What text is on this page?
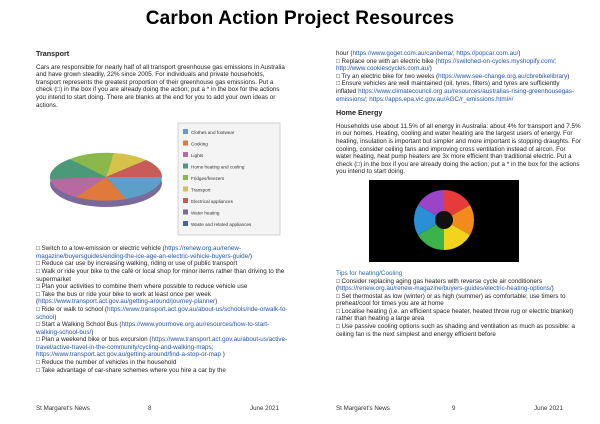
Carbon Action Project Resources
Transport
Cars are responsible for nearly half of all transport greenhouse gas emissions in Australia and have grown steadily, 22% since 2005. For individuals and private households, transport represents the greatest proportion of their greenhouse gas emissions. Put a check (□) in the box if you are already doing the action; put a * in the box for the actions you intend to start doing. There are blanks at the end for you to add your own ideas or actions.
Clothes and footwear
Cooking
Lights
Home heating and cooling
Fridges/freezers
Transport
Electrical appliances
Water heating
Waste and related appliances
□ Switch to a low-emission or electric vehicle (https://renew.org.au/renew-magazine/buyersguides/ending-the-ice-age-an-electric-vehicle-buyers-guide/)
□ Reduce car use by increasing walking, riding or use of public transport
□ Walk or ride your bike to the café or local shop for minor items rather than driving to the supermarket
□ Plan your activities to combine them where possible to reduce vehicle use
□ Take the bus or ride your bike to work at least once per week (https://www.transport.act.gov.au/getting-around/journey-planner)
□ Ride or walk to school (https://www.transport.act.gov.au/about-us/schools/ride-orwalk-to-school)
□ Start a Walking School Bus (https://www.yourmove.org.au/resources/how-to-start-walking-school-bus/)
□ Plan a weekend bike or bus excursion (https://www.transport.act.gov.au/about-us/active-travel/active-travel-in-the-community/cycling-and-walking-maps; https://www.transport.act.gov.au/getting-around/find-a-stop-or-map )
□ Reduce the number of vehicles in the household
□ Take advantage of car-share schemes where you hire a car by the
hour (https://www.goget.com.au/canberra/; https://popcar.com.au/)
□ Replace one with an electric bike (https://switched-on-cycles.myshopify.com/; http://www.cookiescycles.com.au/)
□ Try an electric bike for two weeks (https://www.see-change.org.au/cbrebikelibrary)
□ Ensure vehicles are well maintained (oil, tyres, filters) and tyres are sufficiently inflated https://www.climatecouncil.org.au/resources/australias-rising-greenhousegas-emissions/; https://apps.epa.vic.gov.au/AGC/r_emissions.html#/
Home Energy
Households use about 11.5% of all energy in Australia: about 4% for transport and 7.5% in our homes. Heating, cooling and water heating are the largest users of energy. For heating, insulation is important but simpler and more important is stopping draughts. For cooling, consider ceiling fans and improving cross ventilation instead of aircon. For water heating, heat pump heaters are 3x more efficient than traditional electric. Put a check (□) in the box if you are already doing the action; put a * in the box for the actions you intend to start doing.
Tips for heating/Cooling
□ Consider replacing aging gas heaters with reverse cycle air conditioners (https://renew.org.au/renew-magazine/buyers-guides/electric-heating-options/)
□ Set thermostat as low (winter) or as high (summer) as comfortable; use timers to preheat/cool for times you are at home
□ Localise heating (i.e. an efficient space heater, heated throw rug or electric blanket) rather than heating a large area
□ Use passive cooling options such as shading and ventilation as much as possible: a ceiling fan is the next simplest and energy efficient before
St Margaret's News	8	June 2021	St Margaret's News	9	June 2021
